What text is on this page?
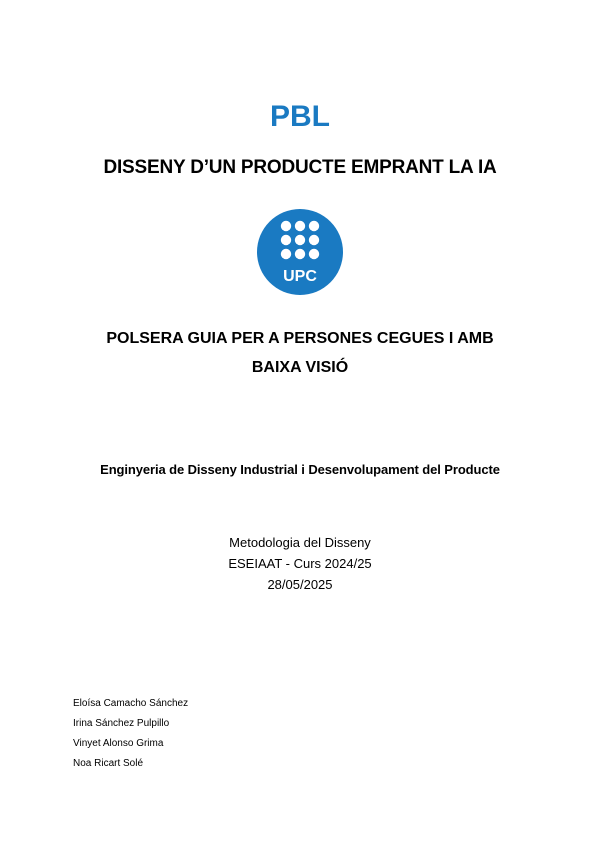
PBL
DISSENY D’UN PRODUCTE EMPRANT LA IA
UPC
POLSERA GUIA PER A PERSONES CEGUES I AMB
BAIXA VISIÓ
Enginyeria de Disseny Industrial i Desenvolupament del Producte
Metodologia del Disseny
ESEIAAT - Curs 2024/25
28/05/2025
Eloísa Camacho Sánchez
Irina Sánchez Pulpillo
Vinyet Alonso Grima
Noa Ricart Solé
